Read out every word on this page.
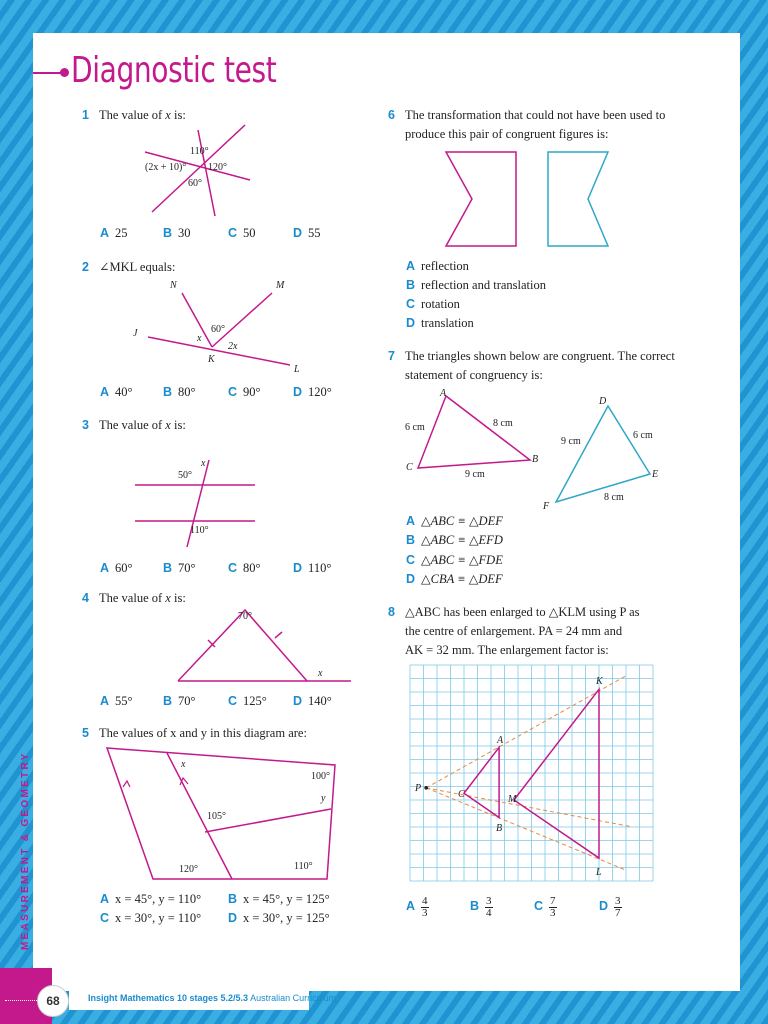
MEASUREMENT & GEOMETRY
Diagnostic test
1 The value of x is:
110°
(2x + 10)° 120°
60°
A 25	B 30	C 50	D 55
2 ∠MKL equals:
N	M
J	x
60°
2x
K
L
A 40° B 80°	C 90°	D 120°
3 The value of x is:
x
50°
110°
A 60° B 70°	C 80°	D 110°
4 The value of x is:
70°
x
A 55° B 70°	C 125° D 140°
5 The values of x and y in this diagram are:
x
100°
y
105°
120°	110°
A x = 45°, y = 110° B x = 45°, y = 125°
C x = 30°, y = 110° D x = 30°, y = 125°
6 The transformation that could not have been used to produce this pair of congruent figures is:
A reflection
B reflection and translation
C rotation
D translation
7 The triangles shown below are congruent. The correct statement of congruency is:
A
6 cm	8 cm
B
C
9 cm
D
9 cm
6 cm
E
8 cm
F
A △ABC ≡ △DEF
B △ABC ≡ △EFD
C △ABC ≡ △FDE
D △CBA ≡ △DEF
8 △ABC has been enlarged to △KLM using P as
the centre of enlargement. PA = 24 mm and
AK = 32 mm. The enlargement factor is:
K
A
P
C	M
B
L
A $\frac{4}{3}$	B $\frac{3}{4}$	C $\frac{7}{3}$	D $\frac{3}{7}$
68	Insight Mathematics 10 stages 5.2/5.3 Australian Curriculum
